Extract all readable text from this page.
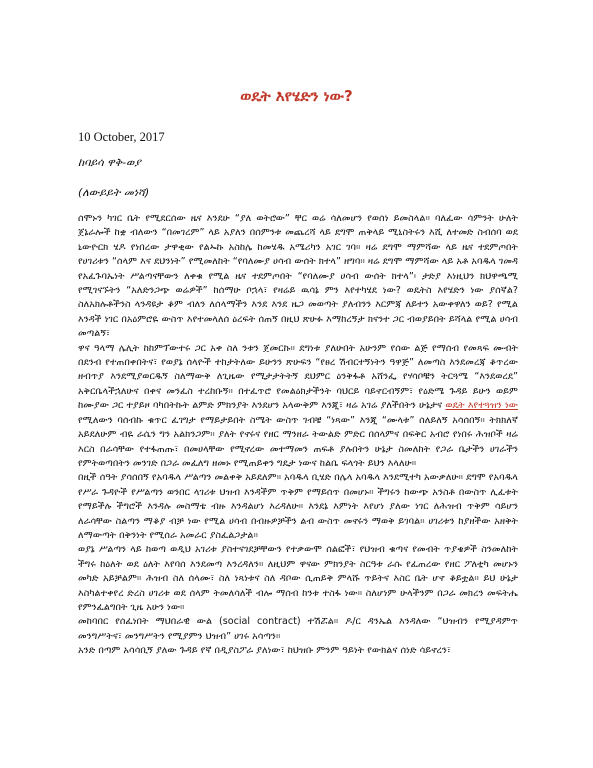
ወዴት እየሄድን ነው?
10 October, 2017
ከባይሳ ዋቅ-ወያ
(ለውይይት መነሻ)

ሰሞኑን ካገር ቤት የሚደርሰው ዜና እንደሁ “ያለ ወትሮው” ቸር ወሬ ሳለመሆን የወሰነ ይመስላል። ባለፈው ሳምንት ሁለት ጀኔራሎች ከቋ ብለውን “በመገረም” ላይ አያለን በሰምንቱ መጨረሻ ላይ ደግሞ ጠቅላይ ሚኒስትሩን እሺ ለተመድ ስብሰባ ወደ ኒውዮርክ ሄዶ የነበረው ታዋቂው የልኡኩ አስከሌ ከመሄዱ አሜሪካን አገር ገባ። ዛሬ ደግሞ ማምሻው ላይ ዜና ተደምጦበት የሀገሪቱን “ሰላም እና ደህንነት” የሚመለከት “የባለሙያ ሀሳብ ውሰት ክተላ” ዘግባ። ዛሬ ደግሞ ማምሻው ላይ አቶ አባዱላ ገመዳ የአፈጉባኤነት ሥልጣናቸውን ለቀቁ የሚል ዜና ተደምጦበት “የባለሙያ ሀሳብ ውሰት ክተላ”፡ ታድያ እነዚህን ክህዋጫሚ የሚገናኙትን “አለድንጋጭ ወሬዎች” ከሰማሁ ቦኋላ፣ የዛሬይ ዉሳኔ ምን እየተካሄደ ነው? ወዴትስ እየሄድን ነው ያሰኛል? ስለአክሉቶችንስ ላንዳዩታ ቆም ብለን ለሰላማችን እንደ እንደ ዜጋ መወጣት ያለብንን እርምጃ ለይተን አውቀዋለን ወይ? የሚል እንዳች ነገር በአዕምሮዬ ውስጥ እየተመላለሰ ዕረፍት ሰጠኝ በዚህ ጽሁፉ እማከረኝታ ክናንተ ጋር ብወያይበት ይሻላል የሚል ሀሳብ መጣልኝ፣

ዋና ዓላማ ሌሊት ከከምፕውተሩ ጋር አቀ ስለ ንቱን ጀመርኩ። ደግነቱ ያለሁበት አሁንም የሰው ልጅ የማሰብ የመጻፍ ሙብት በደንብ የተጠበቀበትና፣ የወያኔ ሰላዮች ተከታትለው ይሁንን ጽሁፍን “የፀረ ሽብርተኝነትን ዓዋጅ” ለመጣስ እንደመረጃ ቆጥረው ዘብጥያ እንደሚያወርዱኝ ስለማውቅ ለጊዜው የሚታታትትኝ ደህምር ዕንቅፋቶ አሸንፌ የሃሳቦቹን ትርጓሜ “እንደወረደ” አቅርቤላችኋለሁና በቀና መንፈስ ተረከቡኝ። በተፈጥሮ የመልዕክታችንት ባህርይ ባይኖርብኝም፣ የዕድሜ ጉዳይ ይሁን ወይም ከሙያው ጋር ተያይዞ ባካበትኩት ልምድ ምክንያት እንደሆን አላውቅም እንጂ፣ ዛሬ አገሬ ያለችበትን ሁኔታና ወዴት እየተጓዝን ነው የሚለውን ባሰብኩ ቁጥር ፈገግታ የማይታይበት ስሜት ውስጥ ገብቼ “ነጻው” እንጂ “ሙላቱ” ሰለይለኝ አሳሰበኝ። ትክክለኛ አይደለሁም ብዬ ራሴን ግን አልክንጋም። ያለት የኖሩና የዘር ማንዘራ ትውልድ ምድር በሰላምና በፍቅር አብሮ የነበሩ ሕዝቦች ዛሬ እርስ በራሳቸው የተፋጠጡ፣ በመሀላቸው የሚኖረው መተማመን ጠፍቶ ያሉበትን ሁኔታ ስመለከት የጋራ ቤታችን ሀገራችን የምትወጣበትን መንገድ በጋራ መፈለግ ዘመኑ የሚጠይቀን ግዴታ ነውና ከልቤ ፍላጎት ይህን እላለሁ።

በዚች ሰዓት ያሳሰበኝ የአባዱላ ሥልጣን መልቀቅ አይደለም። አባዱላ ቢሄድ በሌላ አባዱላ እንደሚተካ አውቃለሁ። ደግሞ የአባዱላ የሥራ ጉዳዮች የሥልጣን ወንበር ላገሪቱ ህዝብ እንዳችም ጥቅም የማይሰጥ በመሆኑ። ችግሩን ከውጭ አንስቶ በውስጥ ሊፈቱት የማይችሉ ችግሮች እንዳሉ መስማቴ ብዙ እንዳልሆነ እረዳለሁ። እንደኔ እምነት እየሆነ ያለው ነገር ለሕዝብ ጥቅም ሳይሆን ለራሳቸው ስልጣን ማቆያ ብቻ ነው የሚል ሀሳብ በብዙዎቻችን ልብ ውስጥ መኖሩን ማወቅ ይገባል። ሀገሪቱን ከያዘችው አዘቅት ለማውጣት በቅንነት የሚሰራ አመራር ያስፈልጋታል።

ወያኔ ሥልጣን ላይ ከወጣ ወዲህ አገሪቱ ያስተናገደቻቸውን የተቃውሞ ሰልፎች፣ የህዝብ ቁጣና የመብት ጥያቄዎች ስንመለከት ችግሩ ከዕለት ወደ ዕለት እየባሰ እንደመጣ እንረዳለን። ለዚህም ዋናው ምክንያት ስርዓቱ ራሱ የፈጠረው የዘር ፖለቲካ መሆኑን መካድ አይቻልም። ሕዝብ ስለ ሰላሙ፣ ስለ ነጻነቱና ስለ ዳቦው ሲጠይቅ ምላሹ ጥይትና እስር ቤት ሆኖ ቆይቷል። ይህ ሁኔታ እስካልተቀየረ ድረስ ሀገሪቱ ወደ ሰላም ትመለሳለች ብሎ ማሰብ ከንቱ ተስፋ ነው። ስለሆነም ሁላችንም በጋራ መክረን መፍትሔ የምንፈልግበት ጊዜ አሁን ነው።

መከባበር የሰፈነበት ማህበራዊ ውል (social contract) ተሽሯል። ዶ/ር ዳንኤል እንዳለው “ህዝብን የሚያዳምጥ መንግሥትና፣ መንግሥትን የሚያምን ህዝብ” ሀገሩ አሳጣን።

አንድ በጣም አሳሳቢኝ ያለው ጉዳይ የኛ በዲያስፖራ ያለነው፣ ከህዝቡ ምንም ዓይነት የውክልና ሰነድ ሳይኖረን፣
